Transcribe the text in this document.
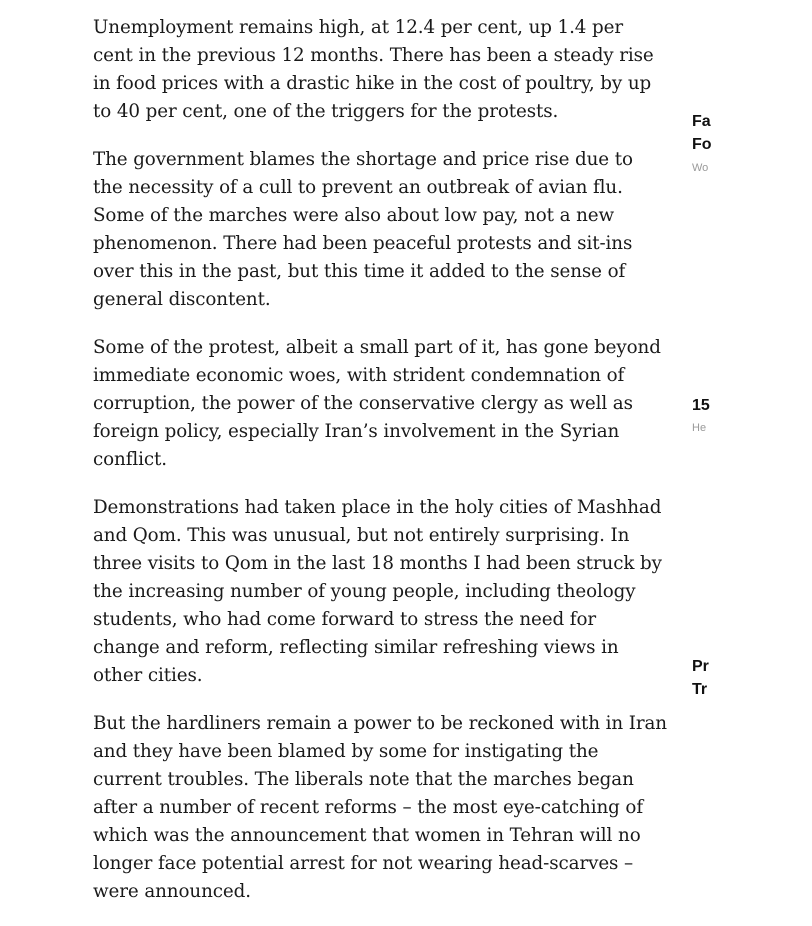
Unemployment remains high, at 12.4 per cent, up 1.4 per cent in the previous 12 months. There has been a steady rise in food prices with a drastic hike in the cost of poultry, by up to 40 per cent, one of the triggers for the protests.

The government blames the shortage and price rise due to the necessity of a cull to prevent an outbreak of avian flu. Some of the marches were also about low pay, not a new phenomenon. There had been peaceful protests and sit-ins over this in the past, but this time it added to the sense of general discontent.

Some of the protest, albeit a small part of it, has gone beyond immediate economic woes, with strident condemnation of corruption, the power of the conservative clergy as well as foreign policy, especially Iran’s involvement in the Syrian conflict.

Demonstrations had taken place in the holy cities of Mashhad and Qom. This was unusual, but not entirely surprising. In three visits to Qom in the last 18 months I had been struck by the increasing number of young people, including theology students, who had come forward to stress the need for change and reform, reflecting similar refreshing views in other cities.

But the hardliners remain a power to be reckoned with in Iran and they have been blamed by some for instigating the current troubles. The liberals note that the marches began after a number of recent reforms – the most eye-catching of which was the announcement that women in Tehran will no longer face potential arrest for not wearing head-scarves – were announced.

Fa
Fo
Wo
15
He
Pr
Tr
